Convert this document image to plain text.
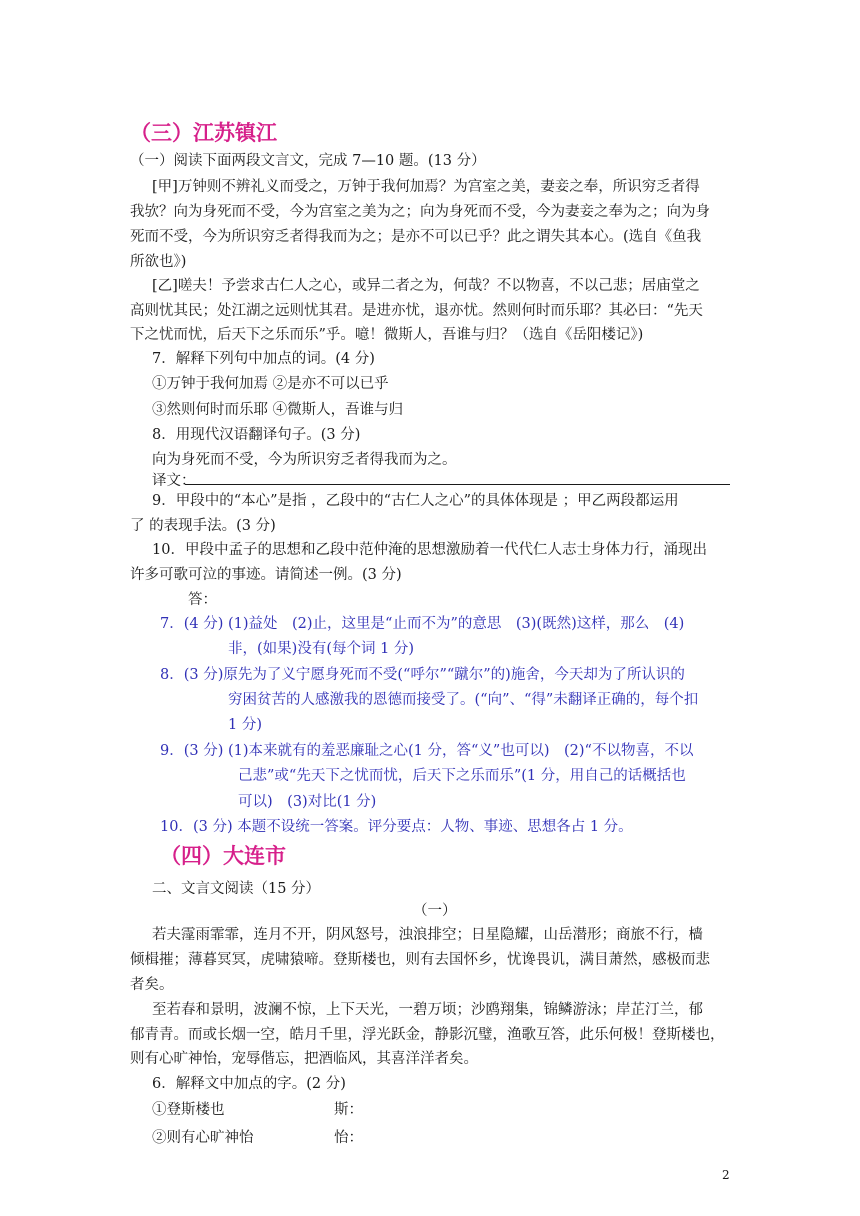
（三）江苏镇江
（一）阅读下面两段文言文，完成 7—10 题。(13 分）
[甲]万钟则不辨礼义而受之，万钟于我何加焉？为宫室之美，妻妾之奉，所识穷乏者得
我欤？向为身死而不受，今为宫室之美为之；向为身死而不受，今为妻妾之奉为之；向为身
死而不受，今为所识穷乏者得我而为之；是亦不可以已乎？此之谓失其本心。(选自《鱼我
所欲也》)
[乙]嗟夫！予尝求古仁人之心，或异二者之为，何哉？不以物喜，不以己悲；居庙堂之
高则忧其民；处江湖之远则忧其君。是进亦忧，退亦忧。然则何时而乐耶？其必曰：“先天
下之忧而忧，后天下之乐而乐”乎。噫！微斯人，吾谁与归？（选自《岳阳楼记》)
7．解释下列句中加点的词。(4 分)
①万钟于我何加焉 ②是亦不可以已乎
③然则何时而乐耶 ④微斯人，吾谁与归
8．用现代汉语翻译句子。(3 分)
向为身死而不受，今为所识穷乏者得我而为之。
译文：
9．甲段中的“本心”是指 ，乙段中的“古仁人之心”的具体体现是 ；甲乙两段都运用
了 的表现手法。(3 分)
10．甲段中孟子的思想和乙段中范仲淹的思想激励着一代代仁人志士身体力行，涌现出
许多可歌可泣的事迹。请简述一例。(3 分)
答：
7．(4 分) (1)益处　(2)止，这里是“止而不为”的意思　(3)(既然)这样，那么　(4)
非，(如果)没有(每个词 1 分)
8．(3 分)原先为了义宁愿身死而不受(“呼尔”“蹴尔”的)施舍，今天却为了所认识的
穷困贫苦的人感激我的恩德而接受了。(“向”、“得”未翻译正确的，每个扣
1 分)
9．(3 分) (1)本来就有的羞恶廉耻之心(1 分，答“义”也可以)　(2)“不以物喜，不以
己悲”或“先天下之忧而忧，后天下之乐而乐”(1 分，用自己的话概括也
可以)　(3)对比(1 分)
10．(3 分) 本题不设统一答案。评分要点：人物、事迹、思想各占 1 分。
（四）大连市
二、文言文阅读（15 分）
（一）
若夫霪雨霏霏，连月不开，阴风怒号，浊浪排空；日星隐耀，山岳潜形；商旅不行，樯
倾楫摧；薄暮冥冥，虎啸猿啼。登斯楼也，则有去国怀乡，忧谗畏讥，满目萧然，感极而悲
者矣。
至若春和景明，波澜不惊，上下天光，一碧万顷；沙鸥翔集，锦鳞游泳；岸芷汀兰，郁
郁青青。而或长烟一空，皓月千里，浮光跃金，静影沉璧，渔歌互答，此乐何极！登斯楼也，
则有心旷神怡，宠辱偕忘，把酒临风，其喜洋洋者矣。
6．解释文中加点的字。(2 分)
①登斯楼也	斯：
②则有心旷神怡	怡：
2
